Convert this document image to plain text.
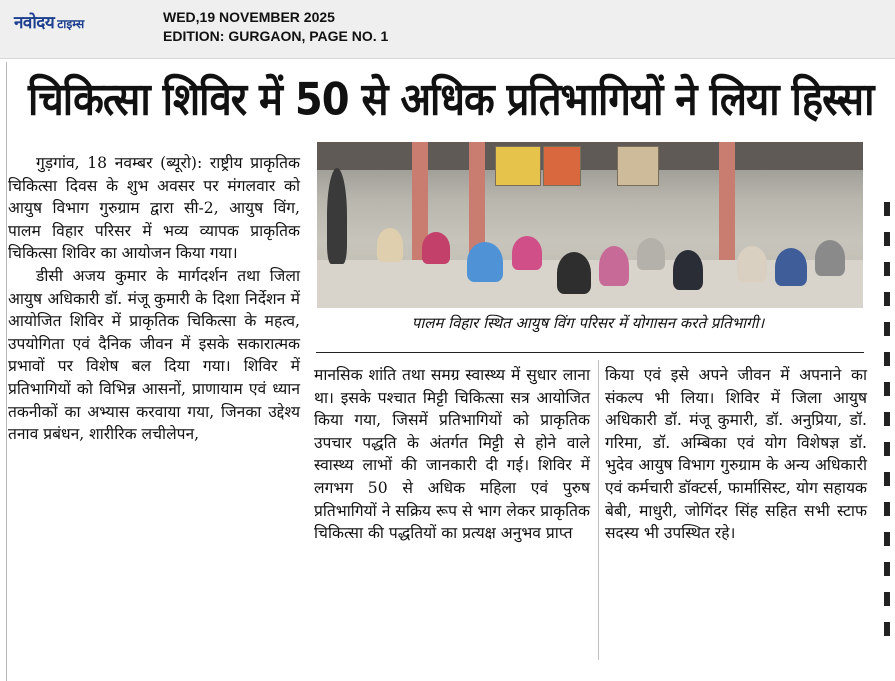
नवोदय टाइम्स	WED,19 NOVEMBER 2025
EDITION: GURGAON, PAGE NO. 1
चिकित्सा शिविर में 50 से अधिक प्रतिभागियों ने लिया हिस्सा

गुड़गांव, 18 नवम्बर (ब्यूरो): राष्ट्रीय प्राकृतिक चिकित्सा दिवस के शुभ अवसर पर मंगलवार को आयुष विभाग गुरुग्राम द्वारा सी-2, आयुष विंग, पालम विहार परिसर में भव्य व्यापक प्राकृतिक चिकित्सा शिविर का आयोजन किया गया।

डीसी अजय कुमार के मार्गदर्शन तथा जिला आयुष अधिकारी डॉ. मंजू कुमारी के दिशा निर्देशन में आयोजित शिविर में प्राकृतिक चिकित्सा के महत्व, उपयोगिता एवं दैनिक जीवन में इसके सकारात्मक प्रभावों पर विशेष बल दिया गया। शिविर में प्रतिभागियों को विभिन्न आसनों, प्राणायाम एवं ध्यान तकनीकों का अभ्यास करवाया गया, जिनका उद्देश्य तनाव प्रबंधन, शारीरिक लचीलेपन,

पालम विहार स्थित आयुष विंग परिसर में योगासन करते प्रतिभागी।

मानसिक शांति तथा समग्र स्वास्थ्य में सुधार लाना था। इसके पश्चात मिट्टी चिकित्सा सत्र आयोजित किया गया, जिसमें प्रतिभागियों को प्राकृतिक उपचार पद्धति के अंतर्गत मिट्टी से होने वाले स्वास्थ्य लाभों की जानकारी दी गई। शिविर में लगभग 50 से अधिक महिला एवं पुरुष प्रतिभागियों ने सक्रिय रूप से भाग लेकर प्राकृतिक चिकित्सा की पद्धतियों का प्रत्यक्ष अनुभव प्राप्त

किया एवं इसे अपने जीवन में अपनाने का संकल्प भी लिया। शिविर में जिला आयुष अधिकारी डॉ. मंजू कुमारी, डॉ. अनुप्रिया, डॉ. गरिमा, डॉ. अम्बिका एवं योग विशेषज्ञ डॉ. भुदेव आयुष विभाग गुरुग्राम के अन्य अधिकारी एवं कर्मचारी डॉक्टर्स, फार्मासिस्ट, योग सहायक बेबी, माधुरी, जोगिंदर सिंह सहित सभी स्टाफ सदस्य भी उपस्थित रहे।
